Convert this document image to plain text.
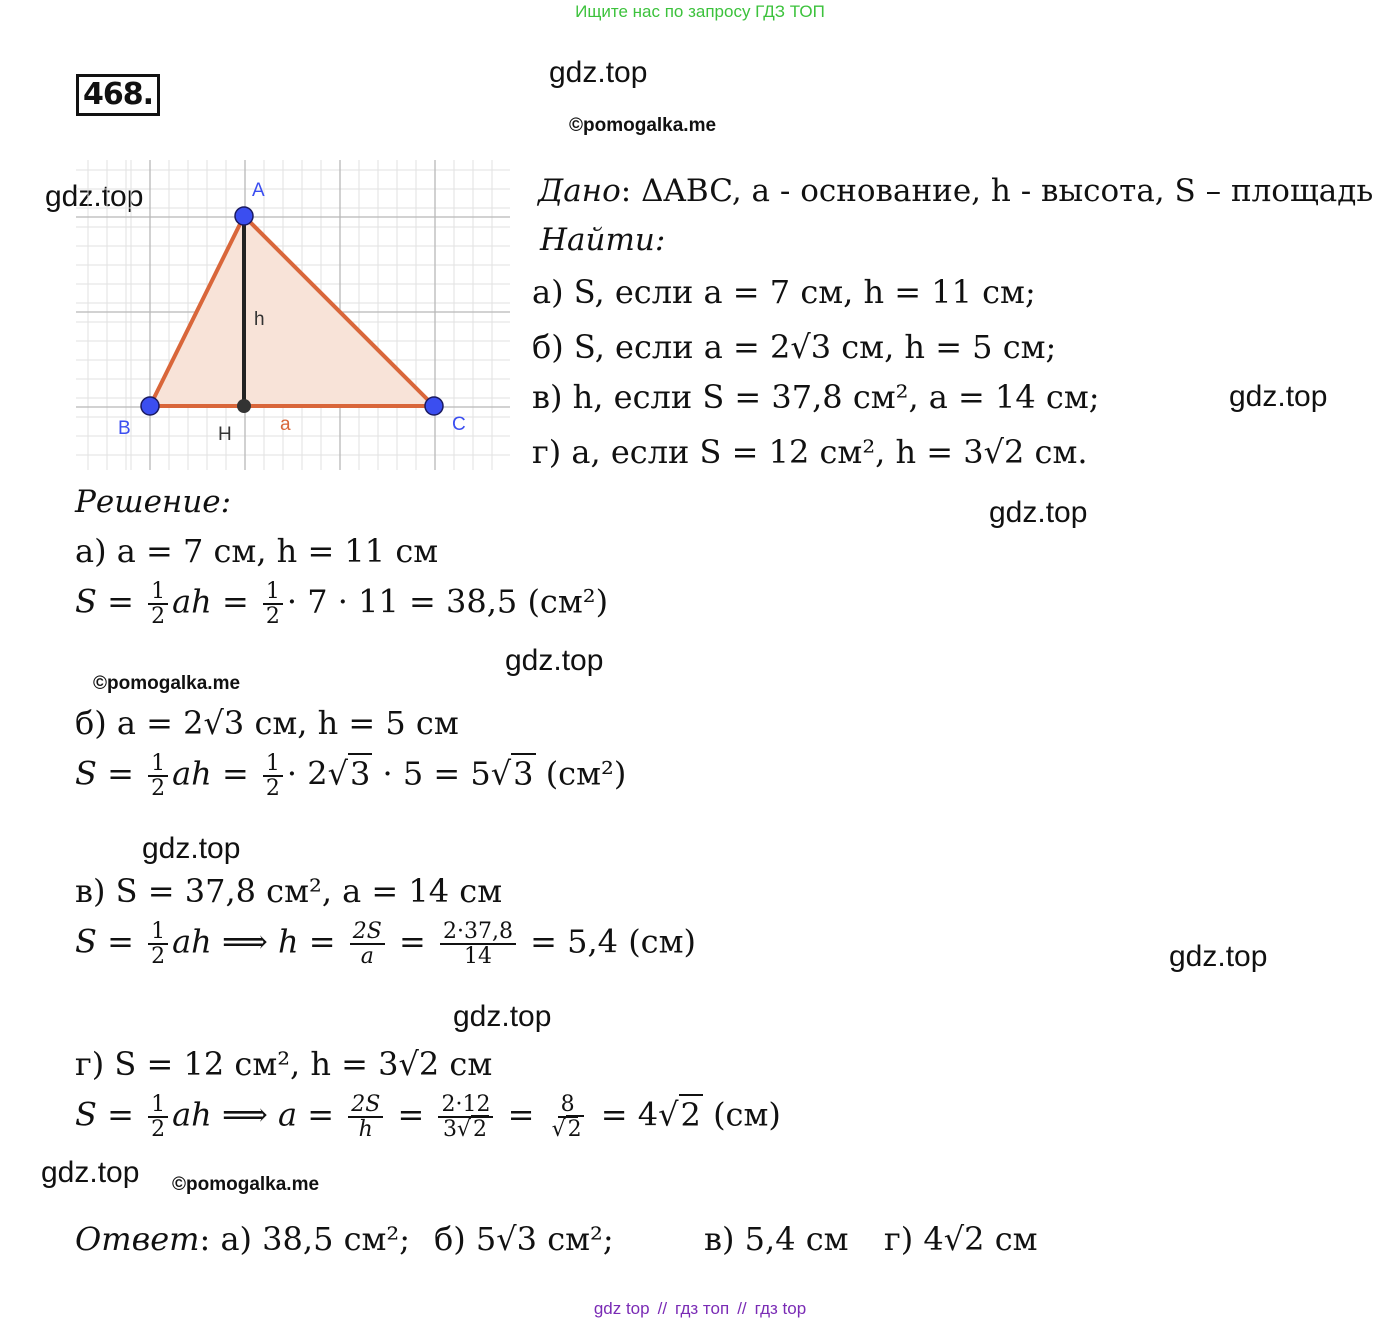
Ищите нас по запросу ГДЗ ТОП
468.
gdz.top
gdz.top
gdz.top
gdz.top
gdz.top
gdz.top
gdz.top
gdz.top
gdz.top
©pomogalka.me
©pomogalka.me
©pomogalka.me
A
B	C
H
h
a
Дано: ΔABC, a - основание, h - высота, S – площадь
Найти:
а) S, если a = 7 см, h = 11 см;
б) S, если a = 2√3 см, h = 5 см;
в) h, если S = 37,8 см², a = 14 см;
г) a, если S = 12 см², h = 3√2 см.
Решение:
а) a = 7 см, h = 11 см
$S = \frac{1}{2}$ ah = $\frac{1}{2} \cdot 7 \cdot 11 = 38,5$ (см²)
б) a = 2√3 см, h = 5 см
$S = \frac{1}{2}$ ah = $\frac{1}{2} \cdot 2√3 \cdot 5 = 5√3$ (см²)
в) S = 37,8 см², a = 14 см
$S = \frac{1}{2}$ ah ⟹ $h = \frac{2S}{a} = \frac{2\cdot 37,8}{14} = 5,4$ (см)
г) S = 12 см², h = 3√2 см
$S = \frac{1}{2}$ ah ⟹ $a = \frac{2S}{h} = \frac{2\cdot 12}{3√2} = \frac{8}{√2} = 4√2$ (см)
Ответ: а) 38,5 см²; б) 5√3 см²;	в) 5,4 см г) 4√2 см
gdz top // гдз топ // гдз top
